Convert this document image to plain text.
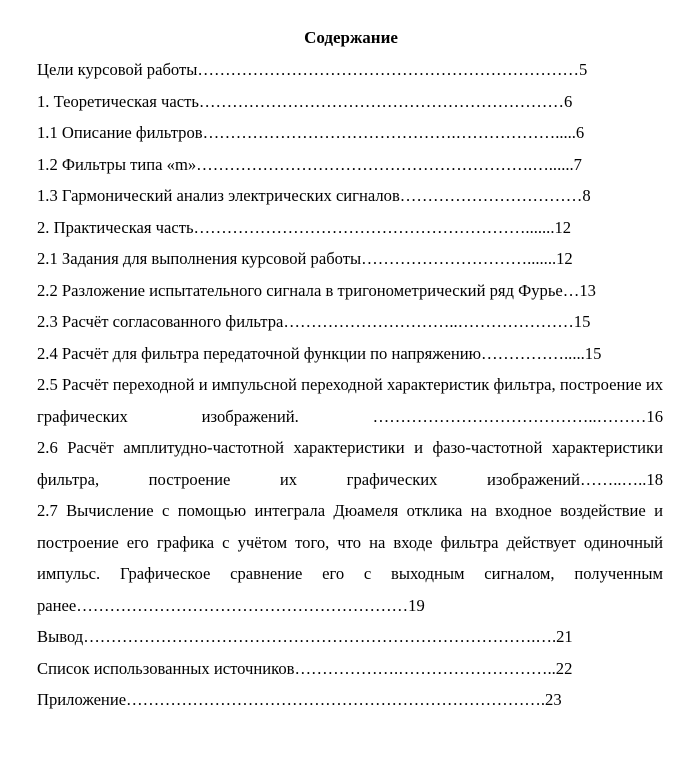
Содержание
Цели курсовой работы……………………………………………………………5
1. Теоретическая часть…………………………………………………………6
1.1 Описание фильтров……………………………………….……………….....6
1.2 Фильтры типа «m»…………………………………………………….…......7
1.3 Гармонический анализ электрических сигналов……………………………8
2. Практическая часть…………………………………………………….......12
2.1 Задания для выполнения курсовой работы………………………….......12
2.2 Разложение испытательного сигнала в тригонометрический ряд Фурье…13
2.3 Расчёт согласованного фильтра…………………………..…………………15
2.4 Расчёт для фильтра передаточной функции по напряжению…………….....15
2.5 Расчёт переходной и импульсной переходной характеристик фильтра, построение их графических изображений. …………………………………..………16
2.6 Расчёт амплитудно-частотной характеристики и фазо-частотной характеристики фильтра, построение их графических изображений……..…..18
2.7 Вычисление с помощью интеграла Дюамеля отклика на входное воздействие и построение его графика с учётом того, что на входе фильтра действует одиночный импульс. Графическое сравнение его с выходным сигналом, полученным ранее……………………………………………………19
Вывод……………………………………………………………………….….21
Список использованных источников……………….………………………..22
Приложение………………………………………………………………….23
